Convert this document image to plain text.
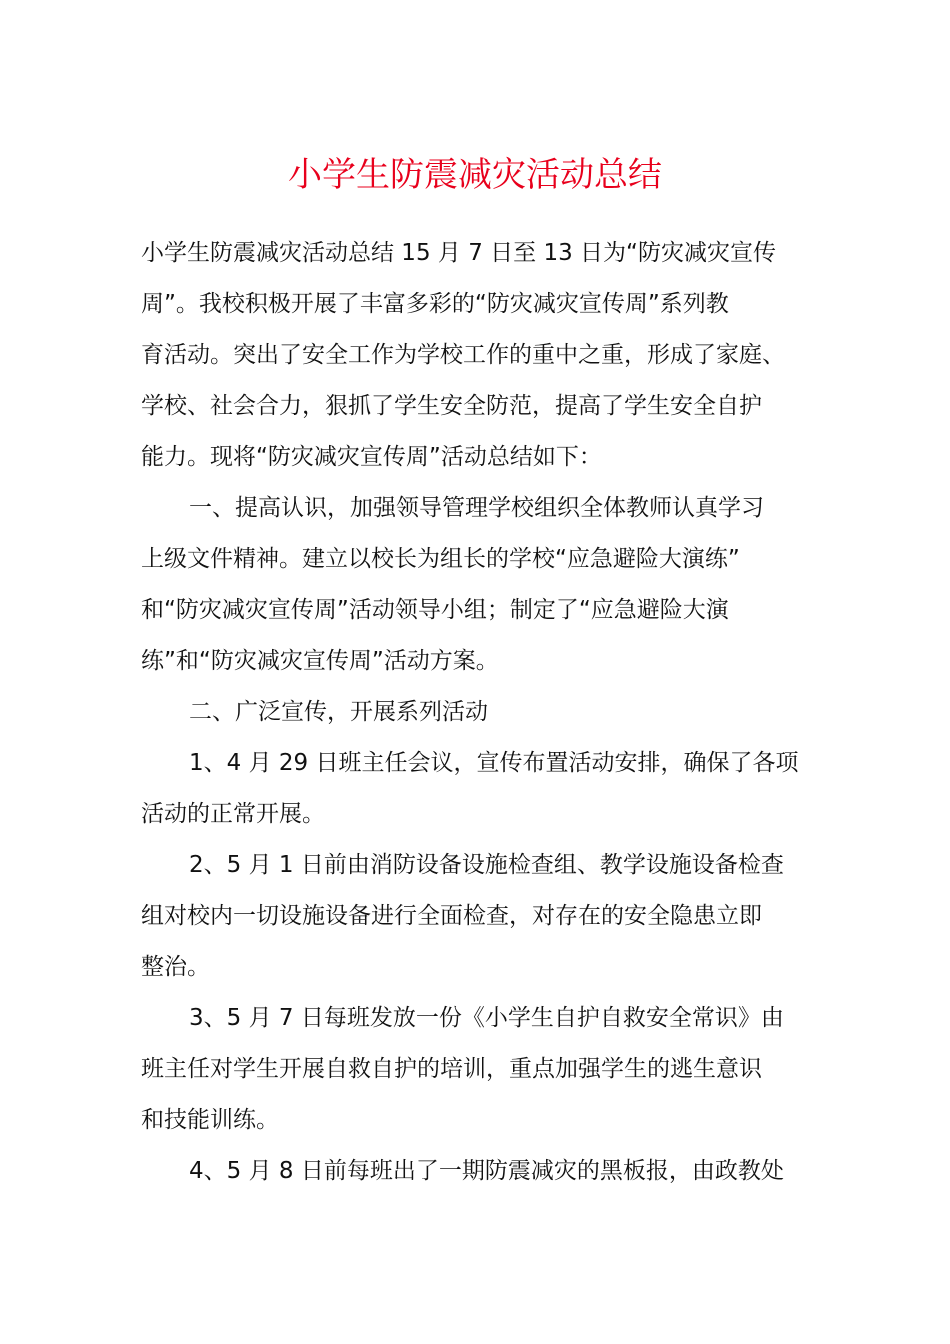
小学生防震减灾活动总结
小学生防震减灾活动总结 15 月 7 日至 13 日为“防灾减灾宣传
周”。我校积极开展了丰富多彩的“防灾减灾宣传周”系列教
育活动。突出了安全工作为学校工作的重中之重，形成了家庭、
学校、社会合力，狠抓了学生安全防范，提高了学生安全自护
能力。现将“防灾减灾宣传周”活动总结如下：
一、提高认识，加强领导管理学校组织全体教师认真学习
上级文件精神。建立以校长为组长的学校“应急避险大演练”
和“防灾减灾宣传周”活动领导小组；制定了“应急避险大演
练”和“防灾减灾宣传周”活动方案。
二、广泛宣传，开展系列活动
1、4 月 29 日班主任会议，宣传布置活动安排，确保了各项
活动的正常开展。
2、5 月 1 日前由消防设备设施检查组、教学设施设备检查
组对校内一切设施设备进行全面检查，对存在的安全隐患立即
整治。
3、5 月 7 日每班发放一份《小学生自护自救安全常识》由
班主任对学生开展自救自护的培训，重点加强学生的逃生意识
和技能训练。
4、5 月 8 日前每班出了一期防震减灾的黑板报，由政教处
